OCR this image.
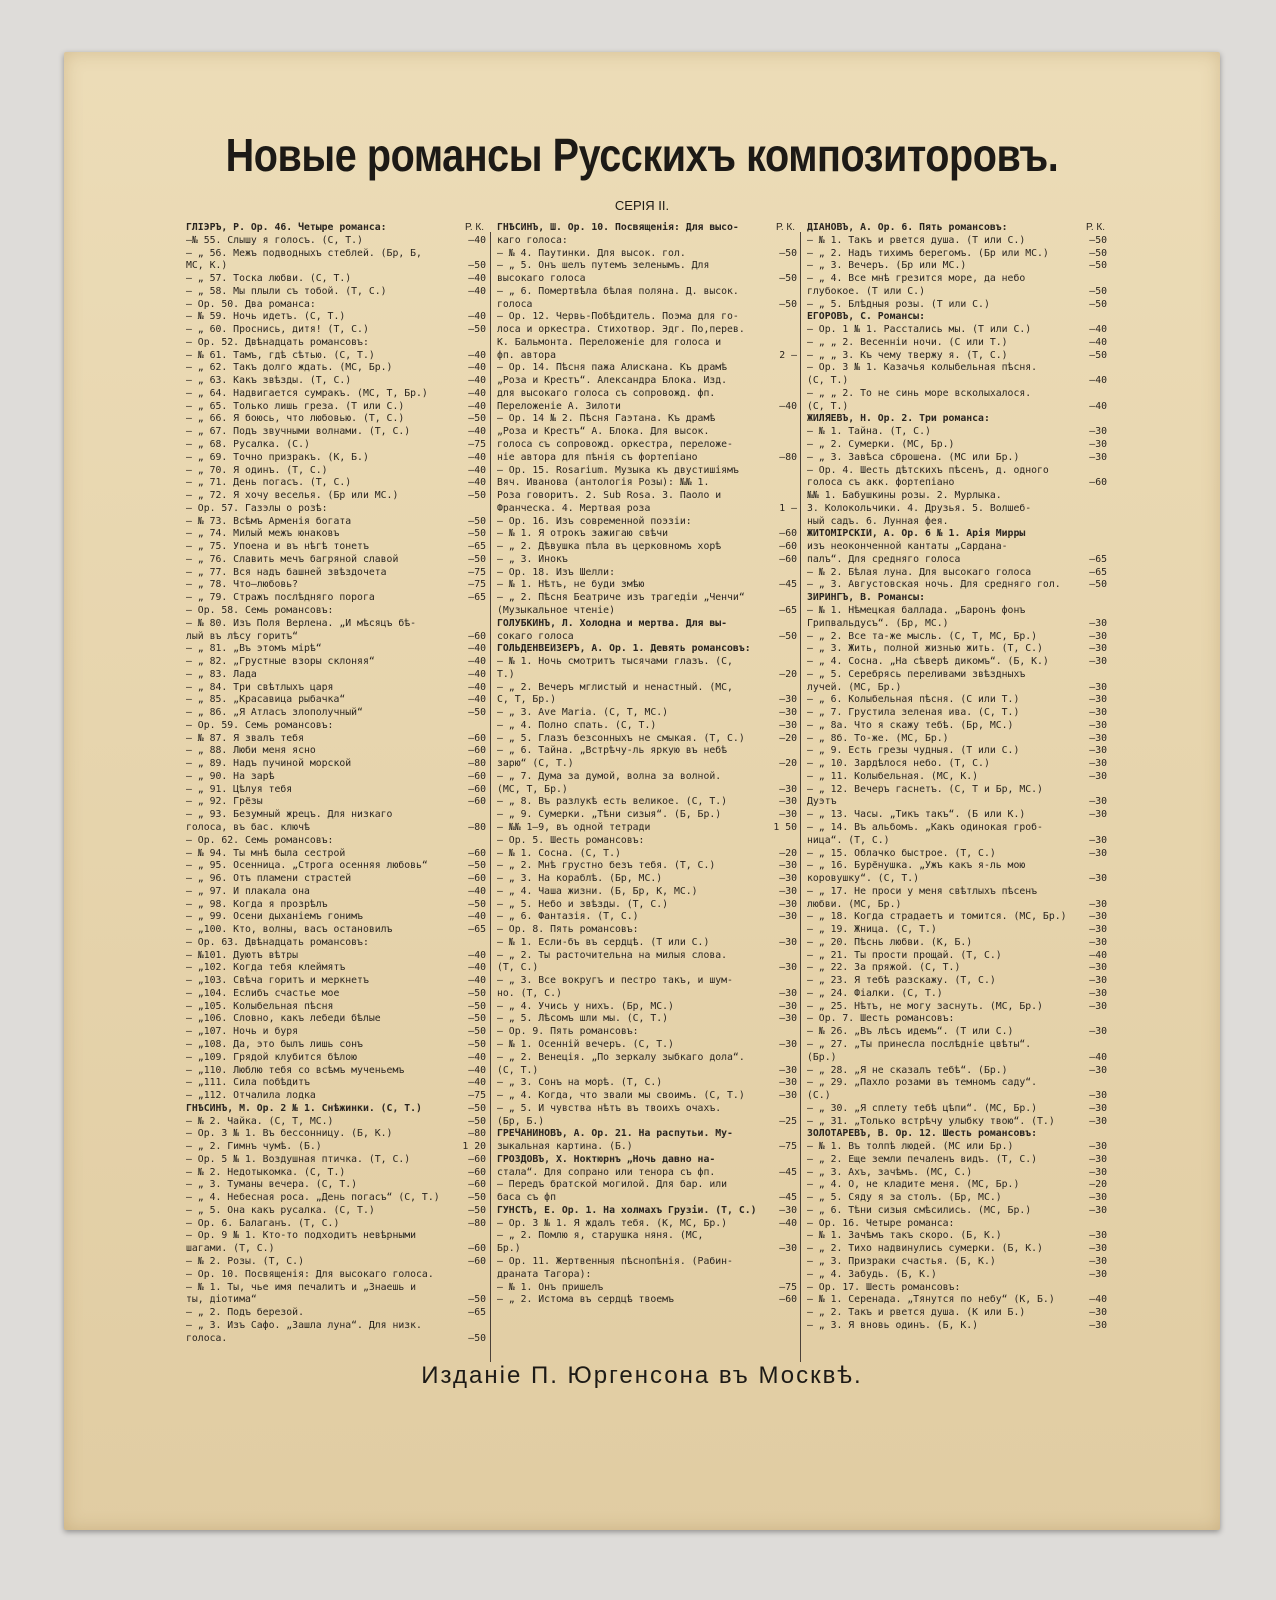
Новые романсы Русскихъ композиторовъ.
СЕРІЯ II.
Р. К.
ГЛІЭРЪ, Р. Ор. 46. Четыре романса:
—№ 55. Слышу я голосъ. (С, Т.)	—40
— „ 56. Межъ подводныхъ стеблей. (Бр, Б,
МС, К.)	—50
— „ 57. Тоска любви. (С, Т.)	—40
— „ 58. Мы плыли съ тобой. (Т, С.)	—40
— Ор. 50. Два романса:
— № 59. Ночь идетъ. (С, Т.)	—40
— „ 60. Проснись, дитя! (Т, С.)	—50
— Ор. 52. Двѣнадцать романсовъ:
— № 61. Тамъ, гдѣ сѣтью. (С, Т.)	—40
— „ 62. Такъ долго ждать. (МС, Бр.)	—40
— „ 63. Какъ звѣзды. (Т, С.)	—40
— „ 64. Надвигается сумракъ. (МС, Т, Бр.)	—40
— „ 65. Только лишь греза. (Т или С.)	—40
— „ 66. Я боюсь, что любовью. (Т, С.)	—50
— „ 67. Подъ звучными волнами. (Т, С.)	—40
— „ 68. Русалка. (С.)	—75
— „ 69. Точно призракъ. (К, Б.)	—40
— „ 70. Я одинъ. (Т, С.)	—40
— „ 71. День погасъ. (Т, С.)	—40
— „ 72. Я хочу веселья. (Бр или МС.)	—50
— Ор. 57. Газэлы о розѣ:
— № 73. Всѣмъ Арменія богата	—50
— „ 74. Милый межъ юнаковъ	—50
— „ 75. Упоена и въ нѣгѣ тонетъ	—65
— „ 76. Славить мечъ багряной славой	—50
— „ 77. Вся надъ башней звѣздочета	—75
— „ 78. Что—любовь?	—75
— „ 79. Стражъ послѣдняго порога	—65
— Ор. 58. Семь романсовъ:
— № 80. Изъ Поля Верлена. „И мѣсяцъ бѣ-
лый въ лѣсу горитъ“	—60
— „ 81. „Въ этомъ мірѣ“	—40
— „ 82. „Грустные взоры склоняя“	—40
— „ 83. Лада	—40
— „ 84. Три свѣтлыхъ царя	—40
— „ 85. „Красавица рыбачка“	—40
— „ 86. „Я Атласъ злополучный“	—50
— Ор. 59. Семь романсовъ:
— № 87. Я звалъ тебя	—60
— „ 88. Люби меня ясно	—60
— „ 89. Надъ пучиной морской	—80
— „ 90. На зарѣ	—60
— „ 91. Цѣлуя тебя	—60
— „ 92. Грёзы	—60
— „ 93. Безумный жрецъ. Для низкаго
голоса, въ бас. ключѣ	—80
— Ор. 62. Семь романсовъ:
— № 94. Ты мнѣ была сестрой	—60
— „ 95. Осенница. „Строга осенняя любовь“	—50
— „ 96. Отъ пламени страстей	—60
— „ 97. И плакала она	—40
— „ 98. Когда я прозрѣлъ	—50
— „ 99. Осени дыханіемъ гонимъ	—40
— „100. Кто, волны, васъ остановилъ	—65
— Ор. 63. Двѣнадцать романсовъ:
— №101. Дуютъ вѣтры	—40
— „102. Когда тебя клеймятъ	—40
— „103. Свѣча горитъ и меркнетъ	—40
— „104. Еслибъ счастье мое	—50
— „105. Колыбельная пѣсня	—50
— „106. Словно, какъ лебеди бѣлые	—50
— „107. Ночь и буря	—50
— „108. Да, это былъ лишь сонъ	—50
— „109. Грядой клубится бѣлою	—40
— „110. Люблю тебя со всѣмъ мученьемъ	—40
— „111. Сила побѣдитъ	—40
— „112. Отчалила лодка	—75
ГНѢСИНЪ, М. Ор. 2 № 1. Снѣжинки. (С, Т.)	—50
— № 2. Чайка. (С, Т, МС.)	—50
— Ор. 3 № 1. Въ бессонницу. (Б, К.)	—80
— „ 2. Гимнъ чумѣ. (Б.)	1 20
— Ор. 5 № 1. Воздушная птичка. (Т, С.)	—60
— № 2. Недотыкомка. (С, Т.)	—60
— „ 3. Туманы вечера. (С, Т.)	—60
— „ 4. Небесная роса. „День погасъ“ (С, Т.)	—50
— „ 5. Она какъ русалка. (С, Т.)	—50
— Ор. 6. Балаганъ. (Т, С.)	—80
— Ор. 9 № 1. Кто-то подходитъ невѣрными
шагами. (Т, С.)	—60
— № 2. Розы. (Т, С.)	—60
— Ор. 10. Посвященія: Для высокаго голоса.
— № 1. Ты, чье имя печалитъ и „Знаешь и
ты, діотима“	—50
— „ 2. Подъ березой.	—65
— „ 3. Изъ Сафо. „Зашла луна“. Для низк.
голоса.	—50
Р. К.
ГНѢСИНЪ, Ш. Ор. 10. Посвященія: Для высо-
каго голоса:
— № 4. Паутинки. Для высок. гол.	—50
— „ 5. Онъ шелъ путемъ зеленымъ. Для
высокаго голоса	—50
— „ 6. Помертвѣла бѣлая поляна. Д. высок.
голоса	—50
— Ор. 12. Червь-Побѣдитель. Поэма для го-
лоса и оркестра. Стихотвор. Эдг. По,перев.
К. Бальмонта. Переложеніе для голоса и
фп. автора	2 —
— Ор. 14. Пѣсня пажа Алискана. Къ драмѣ
„Роза и Крестъ“. Александра Блока. Изд.
для высокаго голоса съ сопровожд. фп.
Переложеніе А. Зилоти	—40
— Ор. 14 № 2. Пѣсня Гаэтана. Къ драмѣ
„Роза и Крестъ“ А. Блока. Для высок.
голоса съ сопровожд. оркестра, переложе-
ніе автора для пѣнія съ фортепіано	—80
— Ор. 15. Rosarium. Музыка къ двустишіямъ
Вяч. Иванова (антологія Розы): №№ 1.
Роза говоритъ. 2. Sub Rosa. 3. Паоло и
Франческа. 4. Мертвая роза	1 —
— Ор. 16. Изъ современной поэзіи:
— № 1. Я отрокъ зажигаю свѣчи	—60
— „ 2. Дѣвушка пѣла въ церковномъ хорѣ	—60
— „ 3. Инокъ	—60
— Ор. 18. Изъ Шелли:
— № 1. Нѣтъ, не буди змѣю	—45
— „ 2. Пѣсня Беатриче изъ трагедіи „Ченчи“
(Музыкальное чтеніе)	—65
ГОЛУБКИНЪ, Л. Холодна и мертва. Для вы-
сокаго голоса	—50
ГОЛЬДЕНВЕЙЗЕРЪ, А. Ор. 1. Девять романсовъ:
— № 1. Ночь смотритъ тысячами глазъ. (С,
Т.)	—20
— „ 2. Вечеръ мглистый и ненастный. (МС,
С, Т, Бр.)	—30
— „ 3. Ave Maria. (С, Т, МС.)	—30
— „ 4. Полно спать. (С, Т.)	—30
— „ 5. Глазъ безсонныхъ не смыкая. (Т, С.)	—20
— „ 6. Тайна. „Встрѣчу-ль яркую въ небѣ
зарю“ (С, Т.)	—20
— „ 7. Дума за думой, волна за волной.
(МС, Т, Бр.)	—30
— „ 8. Въ разлукѣ есть великое. (С, Т.)	—30
— „ 9. Сумерки. „Тѣни сизыя“. (Б, Бр.)	—30
— №№ 1—9, въ одной тетради	1 50
— Ор. 5. Шесть романсовъ:
— № 1. Сосна. (С, Т.)	—20
— „ 2. Мнѣ грустно безъ тебя. (Т, С.)	—30
— „ 3. На кораблѣ. (Бр, МС.)	—30
— „ 4. Чаша жизни. (Б, Бр, К, МС.)	—30
— „ 5. Небо и звѣзды. (Т, С.)	—30
— „ 6. Фантазія. (Т, С.)	—30
— Ор. 8. Пять романсовъ:
— № 1. Если-бъ въ сердцѣ. (Т или С.)	—30
— „ 2. Ты расточительна на милыя слова.
(Т, С.)	—30
— „ 3. Все вокругъ и пестро такъ, и шум-
но. (Т, С.)	—30
— „ 4. Учись у нихъ. (Бр, МС.)	—30
— „ 5. Лѣсомъ шли мы. (С, Т.)	—30
— Ор. 9. Пять романсовъ:
— № 1. Осенній вечеръ. (С, Т.)	—30
— „ 2. Венеція. „По зеркалу зыбкаго дола“.
(С, Т.)	—30
— „ 3. Сонъ на морѣ. (Т, С.)	—30
— „ 4. Когда, что звали мы своимъ. (С, Т.)	—30
— „ 5. И чувства нѣтъ въ твоихъ очахъ.
(Бр, Б.)	—25
ГРЕЧАНИНОВЪ, А. Ор. 21. На распутьи. Му-
зыкальная картина. (Б.)	—75
ГРОЗДОВЪ, Х. Ноктюрнъ „Ночь давно на-
стала“. Для сопрано или тенора съ фп.	—45
— Передъ братской могилой. Для бар. или
баса съ фп	—45
ГУНСТЪ, Е. Ор. 1. На холмахъ Грузіи. (Т, С.)	—30
— Ор. 3 № 1. Я ждалъ тебя. (К, МС, Бр.)	—40
— „ 2. Помлю я, старушка няня. (МС,
Бр.)	—30
— Ор. 11. Жертвенныя пѣснопѣнія. (Рабин-
драната Тагора):
— № 1. Онъ пришелъ	—75
— „ 2. Истома въ сердцѣ твоемъ	—60
Р. К.
ДІАНОВЪ, А. Ор. 6. Пять романсовъ:
— № 1. Такъ и рвется душа. (Т или С.)	—50
— „ 2. Надъ тихимъ берегомъ. (Бр или МС.)	—50
— „ 3. Вечеръ. (Бр или МС.)	—50
— „ 4. Все мнѣ грезится море, да небо
глубокое. (Т или С.)	—50
— „ 5. Блѣдныя розы. (Т или С.)	—50
ЕГОРОВЪ, С. Романсы:
— Ор. 1 № 1. Расстались мы. (Т или С.)	—40
— „ „ 2. Весенніи ночи. (С или Т.)	—40
— „ „ 3. Къ чему твержу я. (Т, С.)	—50
— Ор. 3 № 1. Казачья колыбельная пѣсня.
(С, Т.)	—40
— „ „ 2. То не синь море всколыхалося.
(С, Т.)	—40
ЖИЛЯЕВЪ, Н. Ор. 2. Три романса:
— № 1. Тайна. (Т, С.)	—30
— „ 2. Сумерки. (МС, Бр.)	—30
— „ 3. Завѣса сброшена. (МС или Бр.)	—30
— Ор. 4. Шесть дѣтскихъ пѣсенъ, д. одного
голоса съ акк. фортепіано	—60
№№ 1. Бабушкины розы. 2. Мурлыка.
3. Колокольчики. 4. Друзья. 5. Волшеб-
ный садъ. 6. Лунная фея.
ЖИТОМІРСКІЙ, А. Ор. 6 № 1. Арія Мирры
изъ неоконченной кантаты „Сардана-
палъ“. Для средняго голоса	—65
— № 2. Бѣлая луна. Для высокаго голоса	—65
— „ 3. Августовская ночь. Для средняго гол.	—50
ЗИРИНГЪ, В. Романсы:
— № 1. Нѣмецкая баллада. „Баронъ фонъ
Грипвальдусъ“. (Бр, МС.)	—30
— „ 2. Все та-же мысль. (С, Т, МС, Бр.)	—30
— „ 3. Жить, полной жизнью жить. (Т, С.)	—30
— „ 4. Сосна. „На сѣверѣ дикомъ“. (Б, К.)	—30
— „ 5. Серебрясь переливами звѣздныхъ
лучей. (МС, Бр.)	—30
— „ 6. Колыбельная пѣсня. (С или Т.)	—30
— „ 7. Грустила зеленая ива. (С, Т.)	—30
— „ 8а. Что я скажу тебѣ. (Бр, МС.)	—30
— „ 8б. То-же. (МС, Бр.)	—30
— „ 9. Есть грезы чудныя. (Т или С.)	—30
— „ 10. Зардѣлося небо. (Т, С.)	—30
— „ 11. Колыбельная. (МС, К.)	—30
— „ 12. Вечеръ гаснетъ. (С, Т и Бр, МС.)
Дуэтъ	—30
— „ 13. Часы. „Тикъ такъ“. (Б или К.)	—30
— „ 14. Въ альбомъ. „Какъ одинокая гроб-
ница“. (Т, С.)	—30
— „ 15. Облачко быстрое. (Т, С.)	—30
— „ 16. Бурёнушка. „Ужъ какъ я-ль мою
коровушку“. (С, Т.)	—30
— „ 17. Не проси у меня свѣтлыхъ пѣсенъ
любви. (МС, Бр.)	—30
— „ 18. Когда страдаетъ и томится. (МС, Бр.)	—30
— „ 19. Жница. (С, Т.)	—30
— „ 20. Пѣснь любви. (К, Б.)	—30
— „ 21. Ты прости прощай. (Т, С.)	—40
— „ 22. За пряжой. (С, Т.)	—30
— „ 23. Я тебѣ разскажу. (Т, С.)	—30
— „ 24. Фіалки. (С, Т.)	—30
— „ 25. Нѣтъ, не могу заснуть. (МС, Бр.)	—30
— Ор. 7. Шесть романсовъ:
— № 26. „Въ лѣсъ идемъ“. (Т или С.)	—30
— „ 27. „Ты принесла послѣдніе цвѣты“.
(Бр.)	—40
— „ 28. „Я не сказалъ тебѣ“. (Бр.)	—30
— „ 29. „Пахло розами въ темномъ саду“.
(С.)	—30
— „ 30. „Я сплету тебѣ цѣпи“. (МС, Бр.)	—30
— „ 31. „Только встрѣчу улыбку твою“. (Т.)	—30
ЗОЛОТАРЕВЪ, В. Ор. 12. Шесть романсовъ:
— № 1. Въ толпѣ людей. (МС или Бр.)	—30
— „ 2. Еще земли печаленъ видъ. (Т, С.)	—30
— „ 3. Ахъ, зачѣмъ. (МС, С.)	—30
— „ 4. О, не кладите меня. (МС, Бр.)	—20
— „ 5. Сяду я за столъ. (Бр, МС.)	—30
— „ 6. Тѣни сизыя смѣсились. (МС, Бр.)	—30
— Ор. 16. Четыре романса:
— № 1. Зачѣмъ такъ скоро. (Б, К.)	—30
— „ 2. Тихо надвинулись сумерки. (Б, К.)	—30
— „ 3. Призраки счастья. (Б, К.)	—30
— „ 4. Забудь. (Б, К.)	—30
— Ор. 17. Шесть романсовъ:
— № 1. Серенада. „Тянутся по небу“ (К, Б.)	—40
— „ 2. Такъ и рвется душа. (К или Б.)	—30
— „ 3. Я вновь одинъ. (Б, К.)	—30
Изданіе П. Юргенсона въ Москвѣ.
